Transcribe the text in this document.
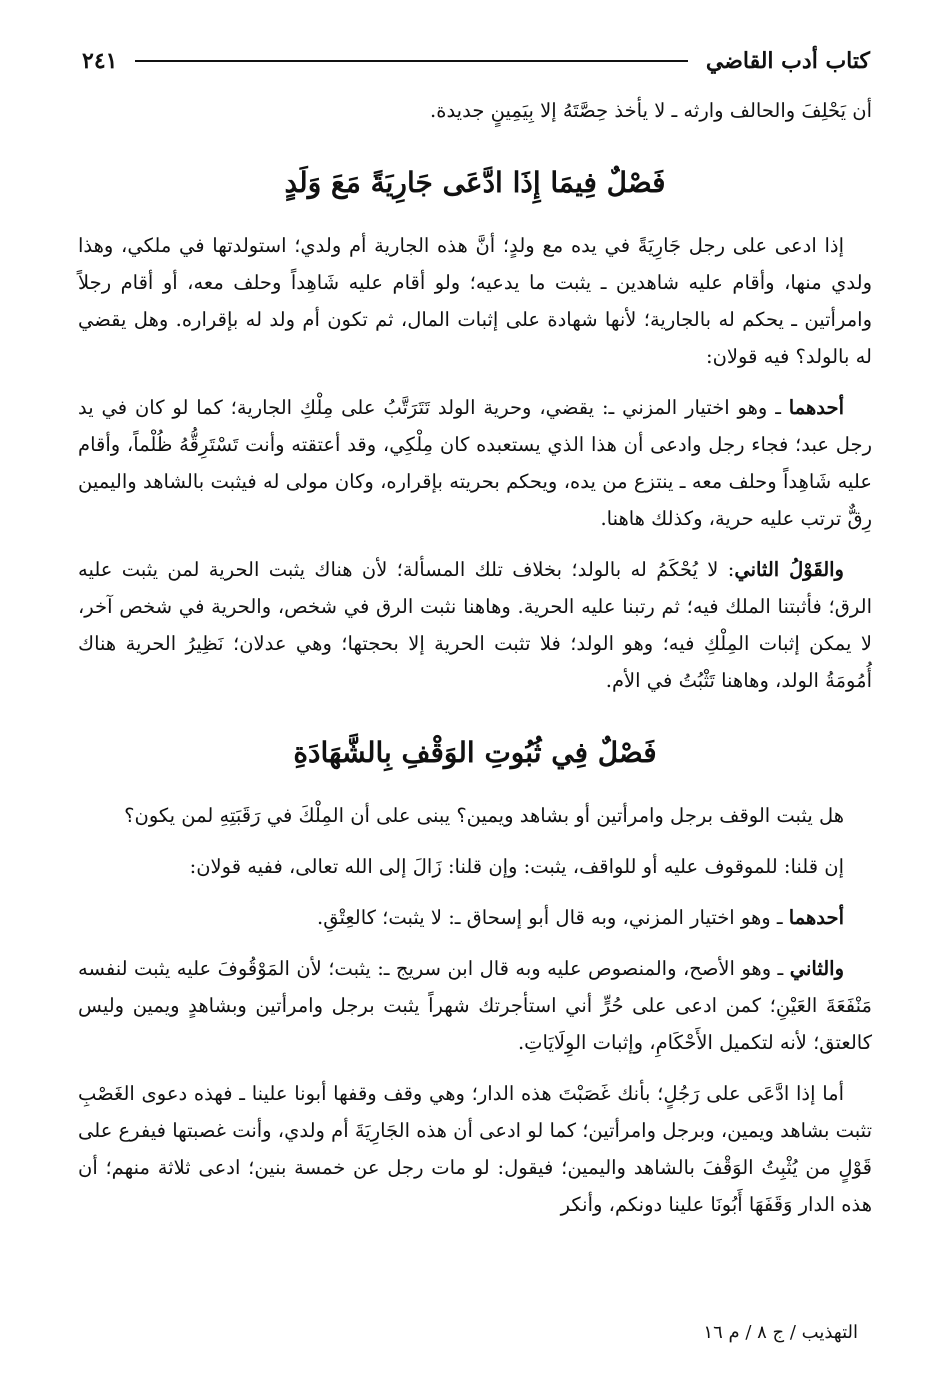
كتاب أدب القاضي
٢٤١

أن يَحْلِفَ والحالف وارثه ـ لا يأخذ حِصَّتَهُ إلا بِيَمِينٍ جديدة.

فَصْلٌ فِيمَا إِذَا ادَّعَى جَارِيَةً مَعَ وَلَدٍ

إذا ادعى على رجل جَارِيَةً في يده مع ولدٍ؛ أنَّ هذه الجارية أم ولدي؛ استولدتها في ملكي، وهذا ولدي منها، وأقام عليه شاهدين ـ يثبت ما يدعيه؛ ولو أقام عليه شَاهِداً وحلف معه، أو أقام رجلاً وامرأتين ـ يحكم له بالجارية؛ لأنها شهادة على إثبات المال، ثم تكون أم ولد له بإقراره. وهل يقضي له بالولد؟ فيه قولان:

أحدهما ـ وهو اختيار المزني ـ: يقضي، وحرية الولد تَتَرَتَّبُ على مِلْكِ الجارية؛ كما لو كان في يد رجل عبد؛ فجاء رجل وادعى أن هذا الذي يستعبده كان مِلْكِي، وقد أعتقته وأنت تَسْتَرِقُّهُ ظُلْماً، وأقام عليه شَاهِداً وحلف معه ـ ينتزع من يده، ويحكم بحريته بإقراره، وكان مولى له فيثبت بالشاهد واليمين رِقٌّ ترتب عليه حرية، وكذلك هاهنا.

والقَوْلُ الثاني: لا يُحْكَمُ له بالولد؛ بخلاف تلك المسألة؛ لأن هناك يثبت الحرية لمن يثبت عليه الرق؛ فأثبتنا الملك فيه؛ ثم رتبنا عليه الحرية. وهاهنا نثبت الرق في شخص، والحرية في شخص آخر، لا يمكن إثبات المِلْكِ فيه؛ وهو الولد؛ فلا تثبت الحرية إلا بحجتها؛ وهي عدلان؛ نَظِيرُ الحرية هناك أُمُومَةُ الولد، وهاهنا تَثْبُتُ في الأم.

فَصْلٌ فِي ثُبُوتِ الوَقْفِ بِالشَّهَادَةِ

هل يثبت الوقف برجل وامرأتين أو بشاهد ويمين؟ يبنى على أن المِلْكَ في رَقَبَتِهِ لمن يكون؟

إن قلنا: للموقوف عليه أو للواقف، يثبت: وإن قلنا: زَالَ إلى الله تعالى، ففيه قولان:

أحدهما ـ وهو اختيار المزني، وبه قال أبو إسحاق ـ: لا يثبت؛ كالعِتْقِ.

والثاني ـ وهو الأصح، والمنصوص عليه وبه قال ابن سريج ـ: يثبت؛ لأن المَوْقُوفَ عليه يثبت لنفسه مَنْفَعَةَ العَيْنِ؛ كمن ادعى على حُرٍّ أني استأجرتك شهراً يثبت برجل وامرأتين وبشاهدٍ ويمين وليس كالعتق؛ لأنه لتكميل الأَحْكَامِ، وإثبات الوِلَايَاتِ.

أما إذا ادَّعَى على رَجُلٍ؛ بأنك غَصَبْتَ هذه الدار؛ وهي وقف وقفها أبونا علينا ـ فهذه دعوى الغَصْبِ تثبت بشاهد ويمين، وبرجل وامرأتين؛ كما لو ادعى أن هذه الجَارِيَةَ أم ولدي، وأنت غصبتها فيفرع على قَوْلٍ من يُثْبِتُ الوَقْفَ بالشاهد واليمين؛ فيقول: لو مات رجل عن خمسة بنين؛ ادعى ثلاثة منهم؛ أن هذه الدار وَقَفَهَا أَبُونَا علينا دونكم، وأنكر

التهذيب / ج ٨ / م ١٦
